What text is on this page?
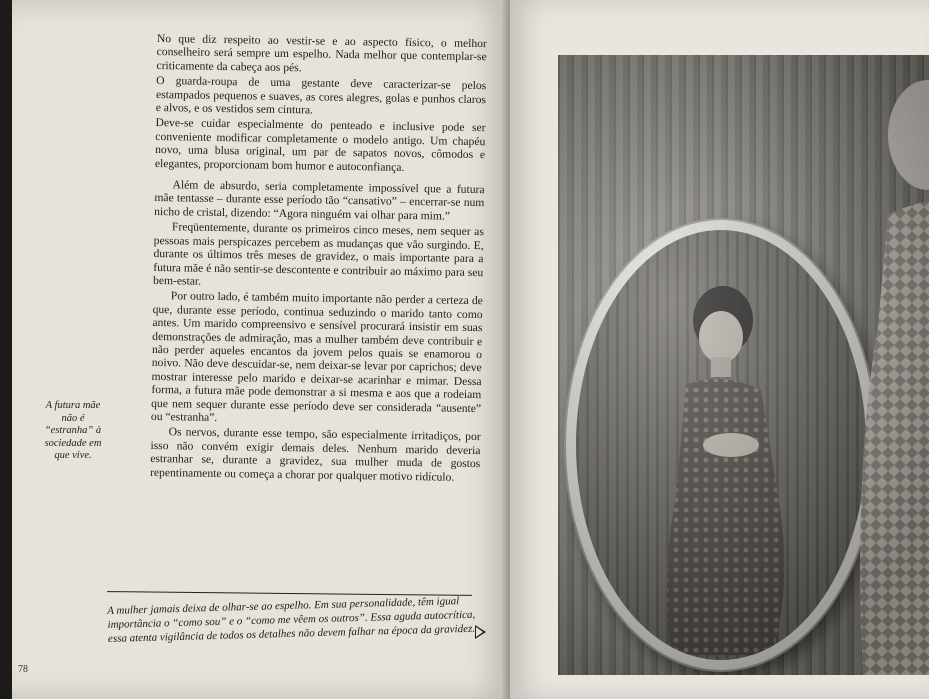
No que diz respeito ao vestir-se e ao aspecto físico, o melhor conselheiro será sempre um espelho. Nada melhor que contemplar-se criticamente da cabeça aos pés.

O guarda-roupa de uma gestante deve caracterizar-se pelos estampados pequenos e suaves, as cores alegres, golas e punhos claros e alvos, e os vestidos sem cintura.

Deve-se cuidar especialmente do penteado e inclusive pode ser conveniente modificar completamente o modelo antigo. Um chapéu novo, uma blusa original, um par de sapatos novos, cômodos e elegantes, proporcionam bom humor e autoconfiança.

Além de absurdo, seria completamente impossível que a futura mãe tentasse – durante esse período tão “cansativo” – encerrar-se num nicho de cristal, dizendo: “Agora ninguém vai olhar para mim.”

Freqüentemente, durante os primeiros cinco meses, nem sequer as pessoas mais perspicazes percebem as mudanças que vão surgindo. E, durante os últimos três meses de gravidez, o mais importante para a futura mãe é não sentir-se descontente e contribuir ao máximo para seu bem-estar.

Por outro lado, é também muito importante não perder a certeza de que, durante esse período, continua seduzindo o marido tanto como antes. Um marido compreensivo e sensível procurará insistir em suas demonstrações de admiração, mas a mulher também deve contribuir e não perder aqueles encantos da jovem pelos quais se enamorou o noivo. Não deve descuidar-se, nem deixar-se levar por caprichos; deve mostrar interesse pelo marido e deixar-se acarinhar e mimar. Dessa forma, a futura mãe pode demonstrar a si mesma e aos que a rodeiam que nem sequer durante esse período deve ser considerada “ausente” ou “estranha”.

Os nervos, durante esse tempo, são especialmente irritadiços, por isso não convém exigir demais deles. Nenhum marido deveria estranhar se, durante a gravidez, sua mulher muda de gostos repentinamente ou começa a chorar por qualquer motivo ridículo.

A futura mãe não é “estranha” à sociedade em que vive.
A mulher jamais deixa de olhar-se ao espelho. Em sua personalidade, têm igual importância o “como sou” e o “como me vêem os outros”. Essa aguda autocrítica, essa atenta vigilância de todos os detalhes não devem falhar na época da gravidez.
78
